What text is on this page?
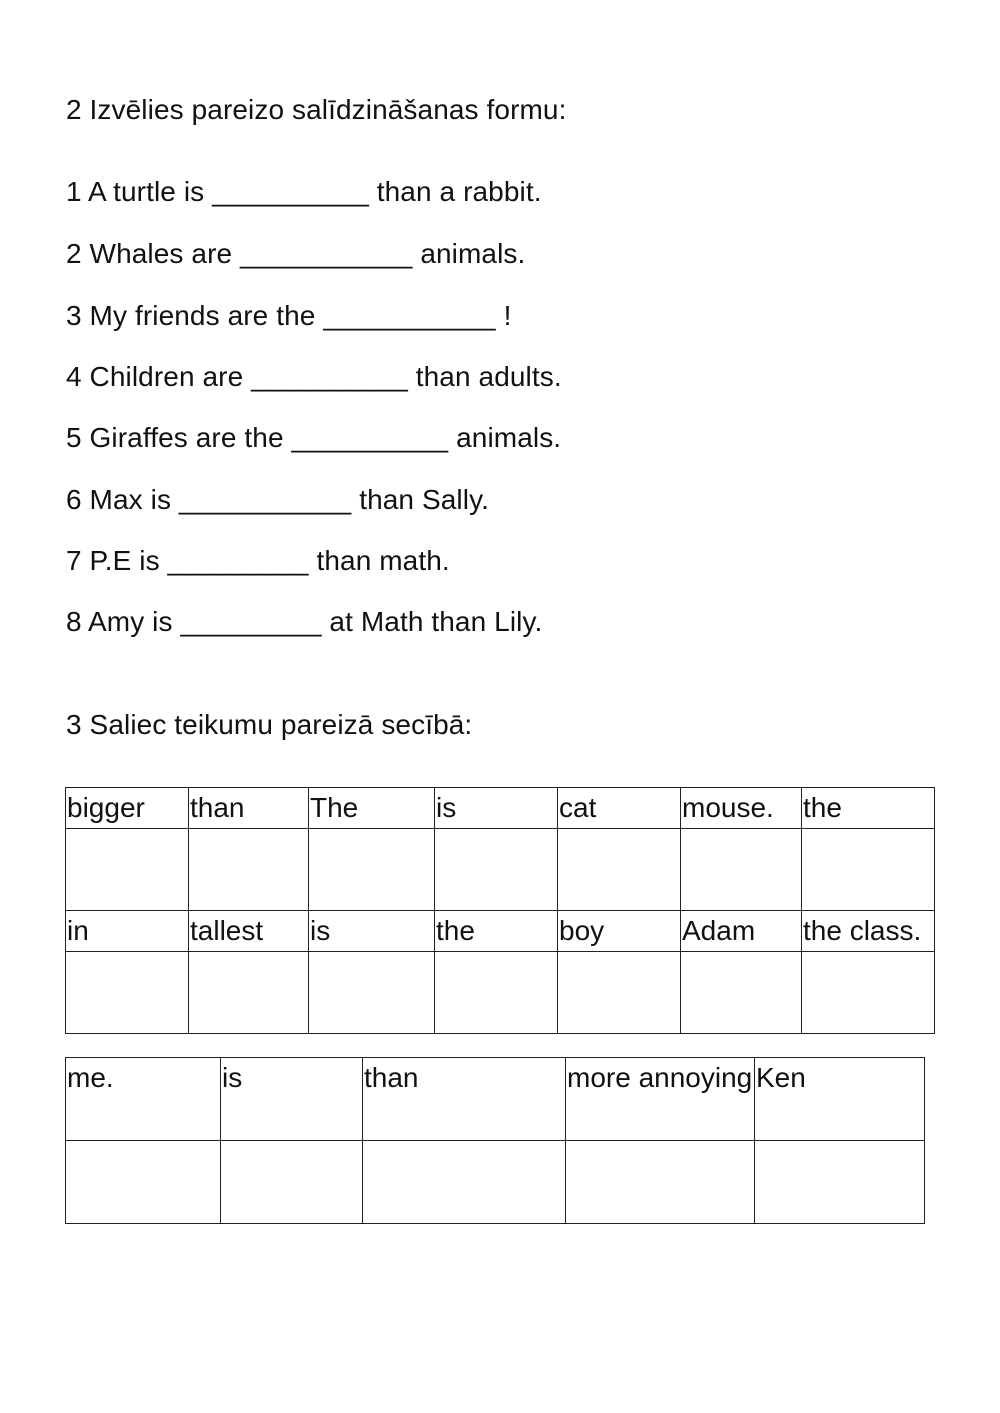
2 Izvēlies pareizo salīdzināšanas formu:
1 A turtle is __________ than a rabbit.
2 Whales are ___________ animals.
3 My friends are the ___________ !
4 Children are __________ than adults.
5 Giraffes are the __________ animals.
6 Max is ___________ than Sally.
7 P.E is _________ than math.
8 Amy is _________ at Math than Lily.
3 Saliec teikumu pareizā secībā:
bigger	than	The	is	cat	mouse.	the

in	tallest	is	the	boy	Adam	the class.

me.	is	than	more annoying	Ken
